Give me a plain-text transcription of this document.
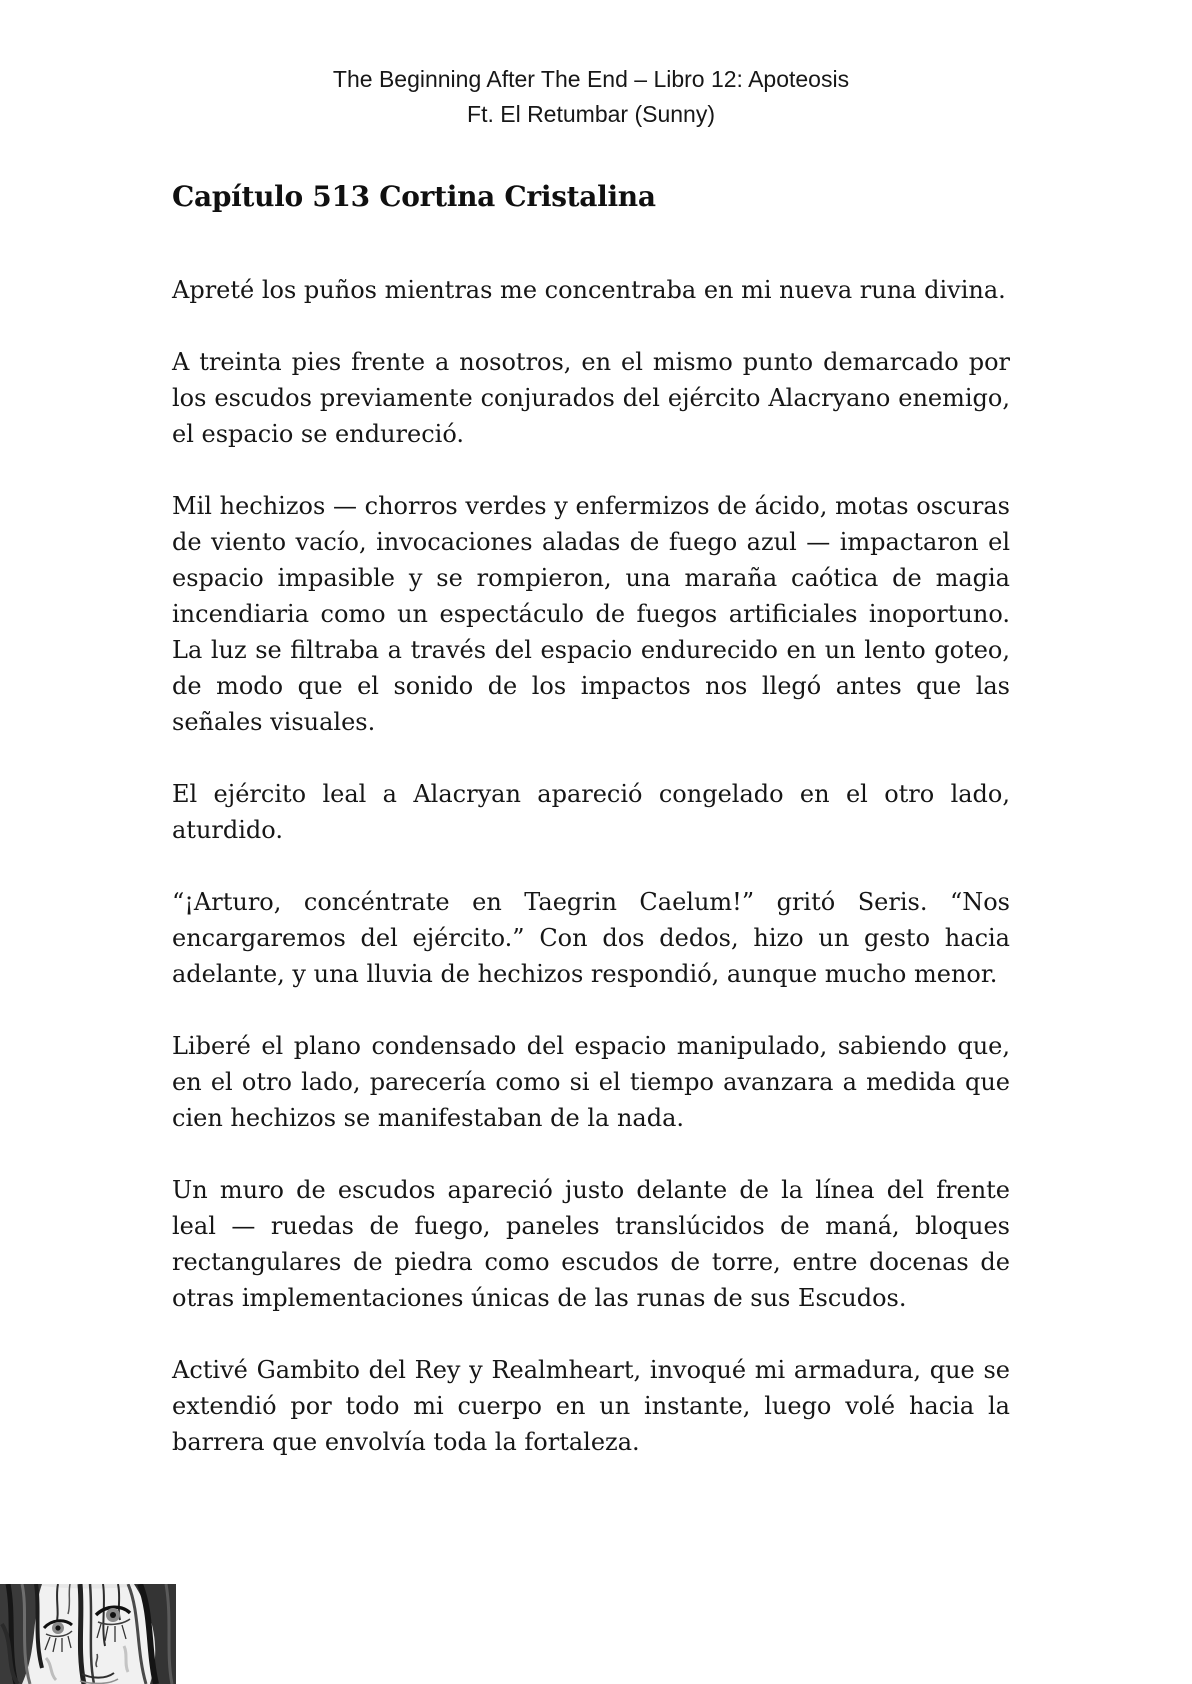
The Beginning After The End – Libro 12: Apoteosis
Ft. El Retumbar (Sunny)
Capítulo 513 Cortina Cristalina

Apreté los puños mientras me concentraba en mi nueva runa divina.

A treinta pies frente a nosotros, en el mismo punto demarcado por los escudos previamente conjurados del ejército Alacryano enemigo, el espacio se endureció.

Mil hechizos — chorros verdes y enfermizos de ácido, motas oscuras de viento vacío, invocaciones aladas de fuego azul — impactaron el espacio impasible y se rompieron, una maraña caótica de magia incendiaria como un espectáculo de fuegos artificiales inoportuno. La luz se filtraba a través del espacio endurecido en un lento goteo, de modo que el sonido de los impactos nos llegó antes que las señales visuales.

El ejército leal a Alacryan apareció congelado en el otro lado, aturdido.

“¡Arturo, concéntrate en Taegrin Caelum!” gritó Seris. “Nos encargaremos del ejército.” Con dos dedos, hizo un gesto hacia adelante, y una lluvia de hechizos respondió, aunque mucho menor.

Liberé el plano condensado del espacio manipulado, sabiendo que, en el otro lado, parecería como si el tiempo avanzara a medida que cien hechizos se manifestaban de la nada.

Un muro de escudos apareció justo delante de la línea del frente leal — ruedas de fuego, paneles translúcidos de maná, bloques rectangulares de piedra como escudos de torre, entre docenas de otras implementaciones únicas de las runas de sus Escudos.

Activé Gambito del Rey y Realmheart, invoqué mi armadura, que se extendió por todo mi cuerpo en un instante, luego volé hacia la barrera que envolvía toda la fortaleza.
